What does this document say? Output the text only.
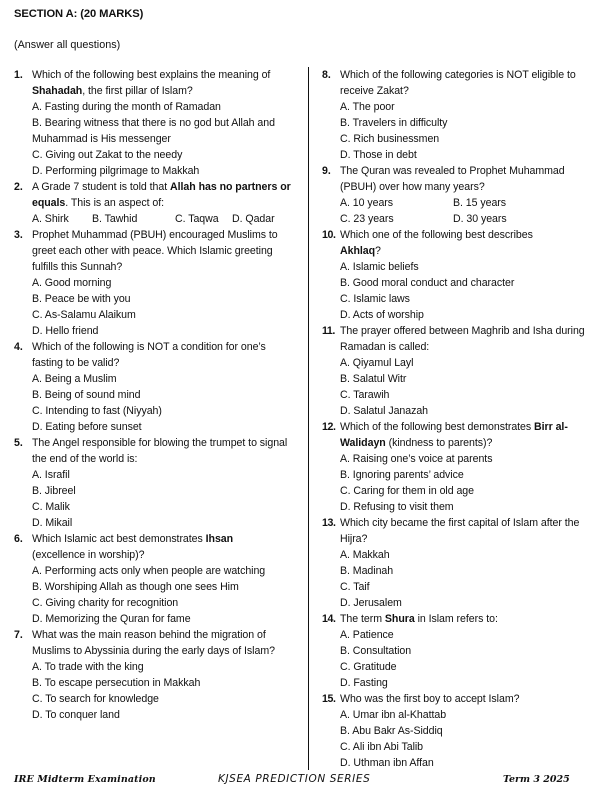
SECTION A: (20 MARKS)
(Answer all questions)
1. Which of the following best explains the meaning of Shahadah, the first pillar of Islam?
A. Fasting during the month of Ramadan
B. Bearing witness that there is no god but Allah and Muhammad is His messenger
C. Giving out Zakat to the needy
D. Performing pilgrimage to Makkah
2. A Grade 7 student is told that Allah has no partners or equals. This is an aspect of:
A. Shirk B. Tawhid	C. Taqwa D. Qadar
3. Prophet Muhammad (PBUH) encouraged Muslims to greet each other with peace. Which Islamic greeting fulfills this Sunnah?
A. Good morning
B. Peace be with you
C. As-Salamu Alaikum
D. Hello friend
4. Which of the following is NOT a condition for one’s fasting to be valid?
A. Being a Muslim
B. Being of sound mind
C. Intending to fast (Niyyah)
D. Eating before sunset
5. The Angel responsible for blowing the trumpet to signal the end of the world is:
A. Israfil
B. Jibreel
C. Malik
D. Mikail
6. Which Islamic act best demonstrates Ihsan (excellence in worship)?
A. Performing acts only when people are watching
B. Worshiping Allah as though one sees Him
C. Giving charity for recognition
D. Memorizing the Quran for fame
7. What was the main reason behind the migration of Muslims to Abyssinia during the early days of Islam?
A. To trade with the king
B. To escape persecution in Makkah
C. To search for knowledge
D. To conquer land
8. Which of the following categories is NOT eligible to receive Zakat?
A. The poor
B. Travelers in difficulty
C. Rich businessmen
D. Those in debt
9. The Quran was revealed to Prophet Muhammad (PBUH) over how many years?
A. 10 years	B. 15 years
C. 23 years	D. 30 years
10. Which one of the following best describes Akhlaq?
A. Islamic beliefs
B. Good moral conduct and character
C. Islamic laws
D. Acts of worship
11. The prayer offered between Maghrib and Isha during Ramadan is called:
A. Qiyamul Layl
B. Salatul Witr
C. Tarawih
D. Salatul Janazah
12. Which of the following best demonstrates Birr al-Walidayn (kindness to parents)?
A. Raising one’s voice at parents
B. Ignoring parents’ advice
C. Caring for them in old age
D. Refusing to visit them
13. Which city became the first capital of Islam after the Hijra?
A. Makkah
B. Madinah
C. Taif
D. Jerusalem
14. The term Shura in Islam refers to:
A. Patience
B. Consultation
C. Gratitude
D. Fasting
15. Who was the first boy to accept Islam?
A. Umar ibn al-Khattab
B. Abu Bakr As-Siddiq
C. Ali ibn Abi Talib
D. Uthman ibn Affan
IRE Midterm Examination	KJSEA PREDICTION SERIES	Term 3 2025
